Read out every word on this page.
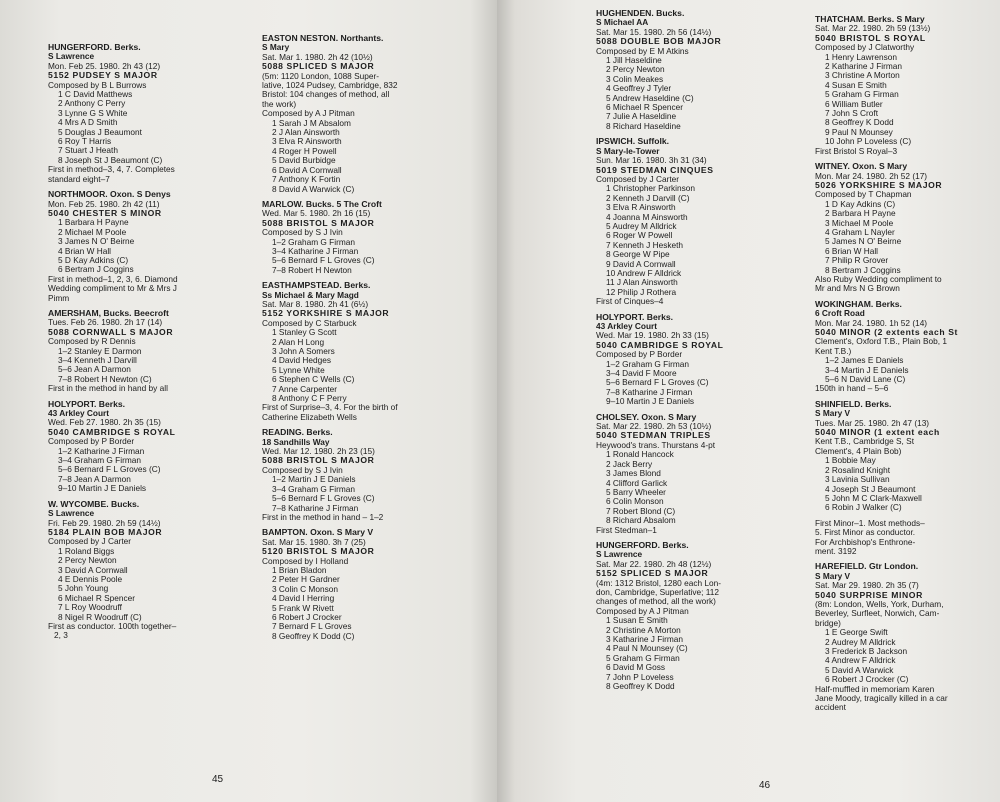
HUNGERFORD. Berks.
S Lawrence
Mon. Feb 25. 1980. 2h 43 (12)
5152 PUDSEY S MAJOR
Composed by B L Burrows
1 C David Matthews
2 Anthony C Perry
3 Lynne G S White
4 Mrs A D Smith
5 Douglas J Beaumont
6 Roy T Harris
7 Stuart J Heath
8 Joseph St J Beaumont (C)
First in method–3, 4, 7. Completes
standard eight–7
NORTHMOOR. Oxon. S Denys
Mon. Feb 25. 1980. 2h 42 (11)
5040 CHESTER S MINOR
1 Barbara H Payne
2 Michael M Poole
3 James N O' Beirne
4 Brian W Hall
5 D Kay Adkins (C)
6 Bertram J Coggins
First in method–1, 2, 3, 6. Diamond
Wedding compliment to Mr & Mrs J
Pimm
AMERSHAM, Bucks. Beecroft
Tues. Feb 26. 1980. 2h 17 (14)
5088 CORNWALL S MAJOR
Composed by R Dennis
1–2 Stanley E Darmon
3–4 Kenneth J Darvill
5–6 Jean A Darmon
7–8 Robert H Newton (C)
First in the method in hand by all
HOLYPORT. Berks.
43 Arkley Court
Wed. Feb 27. 1980. 2h 35 (15)
5040 CAMBRIDGE S ROYAL
Composed by P Border
1–2 Katharine J Firman
3–4 Graham G Firman
5–6 Bernard F L Groves (C)
7–8 Jean A Darmon
9–10 Martin J E Daniels
W. WYCOMBE. Bucks.
S Lawrence
Fri. Feb 29. 1980. 2h 59 (14½)
5184 PLAIN BOB MAJOR
Composed by J Carter
1 Roland Biggs
2 Percy Newton
3 David A Cornwall
4 E Dennis Poole
5 John Young
6 Michael R Spencer
7 L Roy Woodruff
8 Nigel R Woodruff (C)
First as conductor. 100th together–
2, 3
EASTON NESTON. Northants.
S Mary
Sat. Mar 1. 1980. 2h 42 (10½)
5088 SPLICED S MAJOR
(5m: 1120 London, 1088 Super-
lative, 1024 Pudsey, Cambridge, 832
Bristol: 104 changes of method, all
the work)
Composed by A J Pitman
1 Sarah J M Absalom
2 J Alan Ainsworth
3 Elva R Ainsworth
4 Roger H Powell
5 David Burbidge
6 David A Cornwall
7 Anthony K Fortin
8 David A Warwick (C)
MARLOW. Bucks. 5 The Croft
Wed. Mar 5. 1980. 2h 16 (15)
5088 BRISTOL S MAJOR
Composed by S J Ivin
1–2 Graham G Firman
3–4 Katharine J Firman
5–6 Bernard F L Groves (C)
7–8 Robert H Newton
EASTHAMPSTEAD. Berks.
Ss Michael & Mary Magd
Sat. Mar 8. 1980. 2h 41 (6½)
5152 YORKSHIRE S MAJOR
Composed by C Starbuck
1 Stanley G Scott
2 Alan H Long
3 John A Somers
4 David Hedges
5 Lynne White
6 Stephen C Wells (C)
7 Anne Carpenter
8 Anthony C F Perry
First of Surprise–3, 4. For the birth of
Catherine Elizabeth Wells
READING. Berks.
18 Sandhills Way
Wed. Mar 12. 1980. 2h 23 (15)
5088 BRISTOL S MAJOR
Composed by S J Ivin
1–2 Martin J E Daniels
3–4 Graham G Firman
5–6 Bernard F L Groves (C)
7–8 Katharine J Firman
First in the method in hand – 1–2
BAMPTON. Oxon. S Mary V
Sat. Mar 15. 1980. 3h 7 (25)
5120 BRISTOL S MAJOR
Composed by I Holland
1 Brian Bladon
2 Peter H Gardner
3 Colin C Monson
4 David I Herring
5 Frank W Rivett
6 Robert J Crocker
7 Bernard F L Groves
8 Geoffrey K Dodd (C)
45
HUGHENDEN. Bucks.
S Michael AA
Sat. Mar 15. 1980. 2h 56 (14½)
5088 DOUBLE BOB MAJOR
Composed by E M Atkins
1 Jill Haseldine
2 Percy Newton
3 Colin Meakes
4 Geoffrey J Tyler
5 Andrew Haseldine (C)
6 Michael R Spencer
7 Julie A Haseldine
8 Richard Haseldine
IPSWICH. Suffolk.
S Mary-le-Tower
Sun. Mar 16. 1980. 3h 31 (34)
5019 STEDMAN CINQUES
Composed by J Carter
1 Christopher Parkinson
2 Kenneth J Darvill (C)
3 Elva R Ainsworth
4 Joanna M Ainsworth
5 Audrey M Alldrick
6 Roger W Powell
7 Kenneth J Hesketh
8 George W Pipe
9 David A Cornwall
10 Andrew F Alldrick
11 J Alan Ainsworth
12 Philip J Rothera
First of Cinques–4
HOLYPORT. Berks.
43 Arkley Court
Wed. Mar 19. 1980. 2h 33 (15)
5040 CAMBRIDGE S ROYAL
Composed by P Border
1–2 Graham G Firman
3–4 David F Moore
5–6 Bernard F L Groves (C)
7–8 Katharine J Firman
9–10 Martin J E Daniels
CHOLSEY. Oxon. S Mary
Sat. Mar 22. 1980. 2h 53 (10½)
5040 STEDMAN TRIPLES
Heywood's trans. Thurstans 4-pt
1 Ronald Hancock
2 Jack Berry
3 James Blond
4 Clifford Garlick
5 Barry Wheeler
6 Colin Monson
7 Robert Blond (C)
8 Richard Absalom
First Stedman–1
HUNGERFORD. Berks.
S Lawrence
Sat. Mar 22. 1980. 2h 48 (12½)
5152 SPLICED S MAJOR
(4m: 1312 Bristol, 1280 each Lon-
don, Cambridge, Superlative; 112
changes of method, all the work)
Composed by A J Pitman
1 Susan E Smith
2 Christine A Morton
3 Katharine J Firman
4 Paul N Mounsey (C)
5 Graham G Firman
6 David M Goss
7 John P Loveless
8 Geoffrey K Dodd
THATCHAM. Berks. S Mary
Sat. Mar 22. 1980. 2h 59 (13½)
5040 BRISTOL S ROYAL
Composed by J Clatworthy
1 Henry Lawrenson
2 Katharine J Firman
3 Christine A Morton
4 Susan E Smith
5 Graham G Firman
6 William Butler
7 John S Croft
8 Geoffrey K Dodd
9 Paul N Mounsey
10 John P Loveless (C)
First Bristol S Royal–3
WITNEY. Oxon. S Mary
Mon. Mar 24. 1980. 2h 52 (17)
5026 YORKSHIRE S MAJOR
Composed by T Chapman
1 D Kay Adkins (C)
2 Barbara H Payne
3 Michael M Poole
4 Graham L Nayler
5 James N O' Beirne
6 Brian W Hall
7 Philip R Grover
8 Bertram J Coggins
Also Ruby Wedding compliment to
Mr and Mrs N G Brown
WOKINGHAM. Berks.
6 Croft Road
Mon. Mar 24. 1980. 1h 52 (14)
5040 MINOR (2 extents each St
Clement's, Oxford T.B., Plain Bob, 1
Kent T.B.)
1–2 James E Daniels
3–4 Martin J E Daniels
5–6 N David Lane (C)
150th in hand – 5–6
SHINFIELD. Berks.
S Mary V
Tues. Mar 25. 1980. 2h 47 (13)
5040 MINOR (1 extent each
Kent T.B., Cambridge S, St
Clement's, 4 Plain Bob)
1 Bobbie May
2 Rosalind Knight
3 Lavinia Sullivan
4 Joseph St J Beaumont
5 John M C Clark-Maxwell
6 Robin J Walker (C)
First Minor–1. Most methods–
5. First Minor as conductor.
For Archbishop's Enthrone-
ment. 3192
HAREFIELD. Gtr London.
S Mary V
Sat. Mar 29. 1980. 2h 35 (7)
5040 SURPRISE MINOR
(8m: London, Wells, York, Durham,
Beverley, Surfleet, Norwich, Cam-
bridge)
1 E George Swift
2 Audrey M Alldrick
3 Frederick B Jackson
4 Andrew F Alldrick
5 David A Warwick
6 Robert J Crocker (C)
Half-muffled in memoriam Karen
Jane Moody, tragically killed in a car
accident
46
